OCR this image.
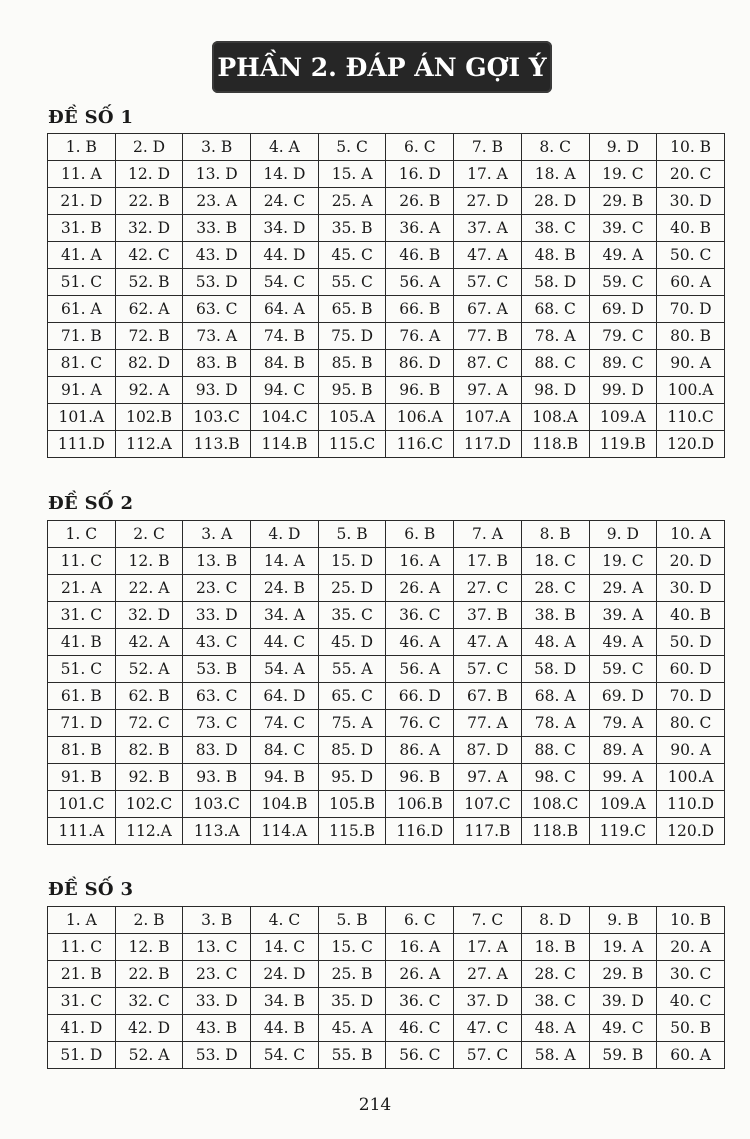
PHẦN 2. ĐÁP ÁN GỢI Ý
ĐỀ SỐ 1
1. B	2. D	3. B	4. A	5. C	6. C	7. B	8. C	9. D	10. B
11. A	12. D	13. D	14. D	15. A	16. D	17. A	18. A	19. C	20. C
21. D	22. B	23. A	24. C	25. A	26. B	27. D	28. D	29. B	30. D
31. B	32. D	33. B	34. D	35. B	36. A	37. A	38. C	39. C	40. B
41. A	42. C	43. D	44. D	45. C	46. B	47. A	48. B	49. A	50. C
51. C	52. B	53. D	54. C	55. C	56. A	57. C	58. D	59. C	60. A
61. A	62. A	63. C	64. A	65. B	66. B	67. A	68. C	69. D	70. D
71. B	72. B	73. A	74. B	75. D	76. A	77. B	78. A	79. C	80. B
81. C	82. D	83. B	84. B	85. B	86. D	87. C	88. C	89. C	90. A
91. A	92. A	93. D	94. C	95. B	96. B	97. A	98. D	99. D	100.A
101.A	102.B	103.C	104.C	105.A	106.A	107.A	108.A	109.A	110.C
111.D	112.A	113.B	114.B	115.C	116.C	117.D	118.B	119.B	120.D
ĐỀ SỐ 2
1. C	2. C	3. A	4. D	5. B	6. B	7. A	8. B	9. D	10. A
11. C	12. B	13. B	14. A	15. D	16. A	17. B	18. C	19. C	20. D
21. A	22. A	23. C	24. B	25. D	26. A	27. C	28. C	29. A	30. D
31. C	32. D	33. D	34. A	35. C	36. C	37. B	38. B	39. A	40. B
41. B	42. A	43. C	44. C	45. D	46. A	47. A	48. A	49. A	50. D
51. C	52. A	53. B	54. A	55. A	56. A	57. C	58. D	59. C	60. D
61. B	62. B	63. C	64. D	65. C	66. D	67. B	68. A	69. D	70. D
71. D	72. C	73. C	74. C	75. A	76. C	77. A	78. A	79. A	80. C
81. B	82. B	83. D	84. C	85. D	86. A	87. D	88. C	89. A	90. A
91. B	92. B	93. B	94. B	95. D	96. B	97. A	98. C	99. A	100.A
101.C	102.C	103.C	104.B	105.B	106.B	107.C	108.C	109.A	110.D
111.A	112.A	113.A	114.A	115.B	116.D	117.B	118.B	119.C	120.D
ĐỀ SỐ 3
1. A	2. B	3. B	4. C	5. B	6. C	7. C	8. D	9. B	10. B
11. C	12. B	13. C	14. C	15. C	16. A	17. A	18. B	19. A	20. A
21. B	22. B	23. C	24. D	25. B	26. A	27. A	28. C	29. B	30. C
31. C	32. C	33. D	34. B	35. D	36. C	37. D	38. C	39. D	40. C
41. D	42. D	43. B	44. B	45. A	46. C	47. C	48. A	49. C	50. B
51. D	52. A	53. D	54. C	55. B	56. C	57. C	58. A	59. B	60. A
214
